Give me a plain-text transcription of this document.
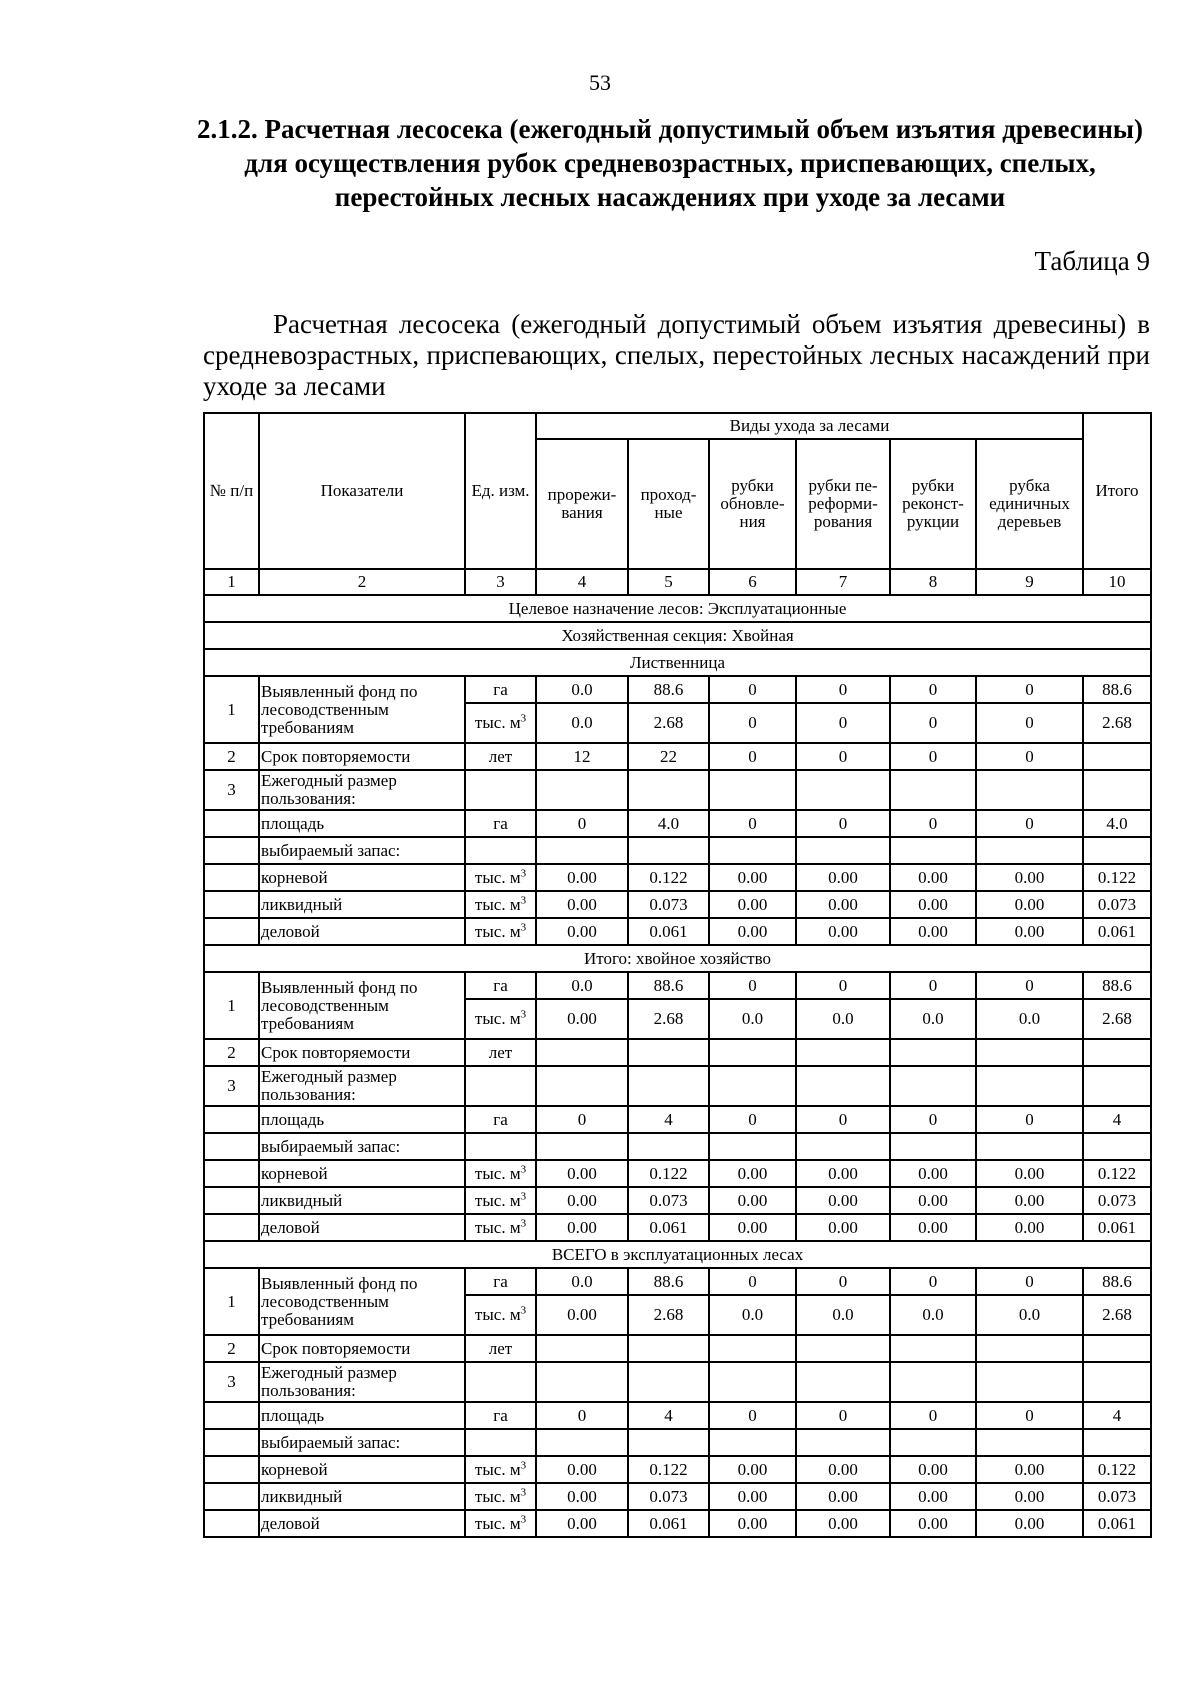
53
2.1.2. Расчетная лесосека (ежегодный допустимый объем изъятия древесины) для осуществления рубок средневозрастных, приспевающих, спелых, перестойных лесных насаждениях при уходе за лесами
Таблица 9
Расчетная лесосека (ежегодный допустимый объем изъятия древесины) в средневозрастных, приспевающих, спелых, перестойных лесных насаждений при уходе за лесами
№ п/п	Показатели	Ед. изм.	Виды ухода за лесами						Итого
			прорежи-вания	проход-ные	рубки обновле-ния	рубки пе-реформи-рования	рубки реконст-рукции	рубка единичных деревьев	
1	2	3	4	5	6	7	8	9	10
Целевое назначение лесов: Эксплуатационные									
Хозяйственная секция: Хвойная									
Лиственница									
1	Выявленный фонд по лесоводственным требованиям	га	0.0	88.6	0	0	0	0	88.6
		тыс. $м^3$	0.0	2.68	0	0	0	0	2.68
2	Срок повторяемости	лет	12	22	0	0	0	0	
3	Ежегодный размер пользования:								
	площадь	га	0	4.0	0	0	0	0	4.0
	выбираемый запас:								
	корневой	тыс. $м^3$	0.00	0.122	0.00	0.00	0.00	0.00	0.122
	ликвидный	тыс. $м^3$	0.00	0.073	0.00	0.00	0.00	0.00	0.073
	деловой	тыс. $м^3$	0.00	0.061	0.00	0.00	0.00	0.00	0.061
Итого: хвойное хозяйство									
1	Выявленный фонд по лесоводственным требованиям	га	0.0	88.6	0	0	0	0	88.6
		тыс. $м^3$	0.00	2.68	0.0	0.0	0.0	0.0	2.68
2	Срок повторяемости	лет							
3	Ежегодный размер пользования:								
	площадь	га	0	4	0	0	0	0	4
	выбираемый запас:								
	корневой	тыс. $м^3$	0.00	0.122	0.00	0.00	0.00	0.00	0.122
	ликвидный	тыс. $м^3$	0.00	0.073	0.00	0.00	0.00	0.00	0.073
	деловой	тыс. $м^3$	0.00	0.061	0.00	0.00	0.00	0.00	0.061
ВСЕГО в эксплуатационных лесах									
1	Выявленный фонд по лесоводственным требованиям	га	0.0	88.6	0	0	0	0	88.6
		тыс. $м^3$	0.00	2.68	0.0	0.0	0.0	0.0	2.68
2	Срок повторяемости	лет							
3	Ежегодный размер пользования:								
	площадь	га	0	4	0	0	0	0	4
	выбираемый запас:								
	корневой	тыс. $м^3$	0.00	0.122	0.00	0.00	0.00	0.00	0.122
	ликвидный	тыс. $м^3$	0.00	0.073	0.00	0.00	0.00	0.00	0.073
	деловой	тыс. $м^3$	0.00	0.061	0.00	0.00	0.00	0.00	0.061
